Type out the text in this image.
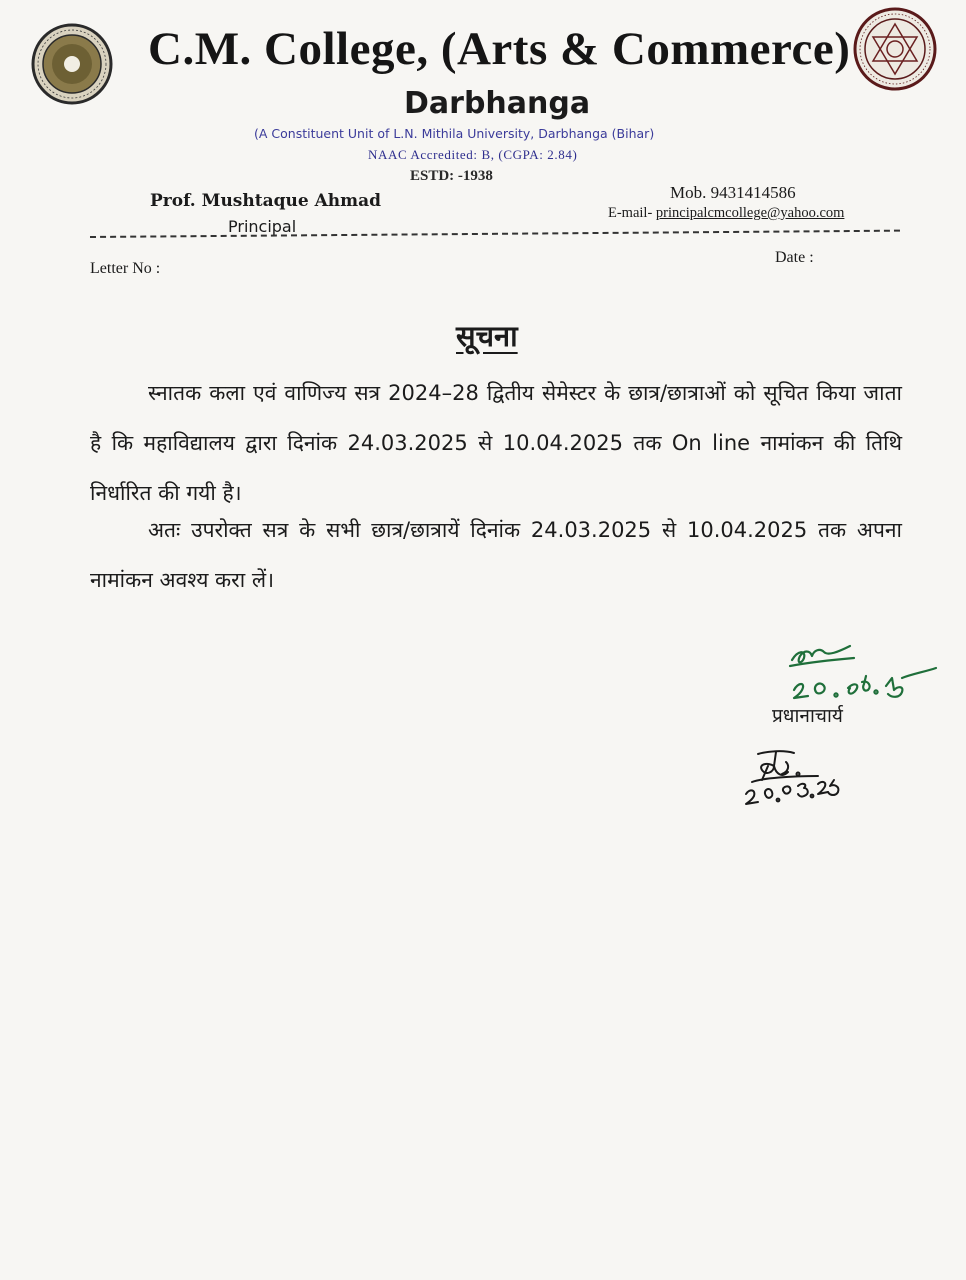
C.M. College, (Arts & Commerce)
Darbhanga
(A Constituent Unit of L.N. Mithila University, Darbhanga (Bihar)
NAAC Accredited: B, (CGPA: 2.84)
ESTD: -1938
Prof. Mushtaque Ahmad
Principal
Mob. 9431414586
E-mail- principalcmcollege@yahoo.com
Letter No :
Date :
सूचना
स्नातक कला एवं वाणिज्य सत्र 2024–28 द्वितीय सेमेस्टर के छात्र/छात्राओं को सूचित किया जाता है कि महाविद्यालय द्वारा दिनांक 24.03.2025 से 10.04.2025 तक On line नामांकन की तिथि निर्धारित की गयी है।
अतः उपरोक्त सत्र के सभी छात्र/छात्रायें दिनांक 24.03.2025 से 10.04.2025 तक अपना नामांकन अवश्य करा लें।
प्रधानाचार्य
